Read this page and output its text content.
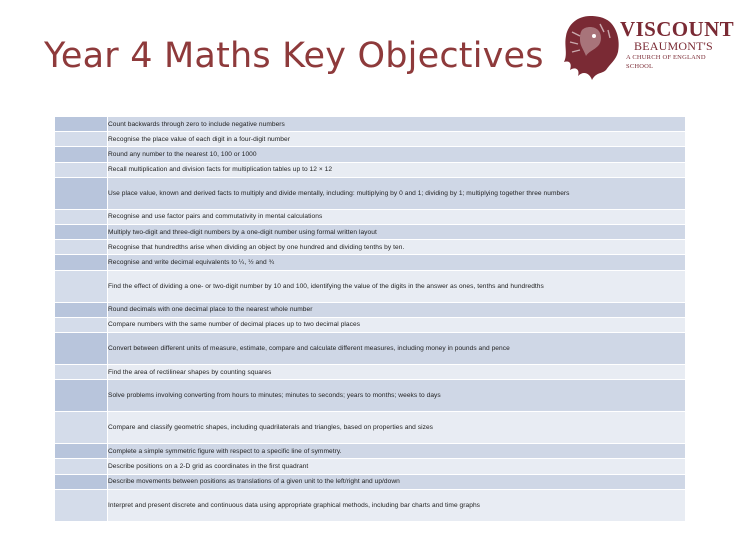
Year 4 Maths Key Objectives
VISCOUNT
BEAUMONT'S
A CHURCH OF ENGLAND SCHOOL
	Count backwards through zero to include negative numbers
	Recognise the place value of each digit in a four-digit number
	Round any number to the nearest 10, 100 or 1000
	Recall multiplication and division facts for multiplication tables up to 12 × 12
	Use place value, known and derived facts to multiply and divide mentally, including: multiplying by 0 and 1; dividing by 1; multiplying together three numbers
	Recognise and use factor pairs and commutativity in mental calculations
	Multiply two-digit and three-digit numbers by a one-digit number using formal written layout
	Recognise that hundredths arise when dividing an object by one hundred and dividing tenths by ten.
	Recognise and write decimal equivalents to ¼, ½ and ¾
	Find the effect of dividing a one- or two-digit number by 10 and 100, identifying the value of the digits in the answer as ones, tenths and hundredths
	Round decimals with one decimal place to the nearest whole number
	Compare numbers with the same number of decimal places up to two decimal places
	Convert between different units of measure, estimate, compare and calculate different measures, including money in pounds and pence
	Find the area of rectilinear shapes by counting squares
	Solve problems involving converting from hours to minutes; minutes to seconds; years to months; weeks to days
	Compare and classify geometric shapes, including quadrilaterals and triangles, based on properties and sizes
	Complete a simple symmetric figure with respect to a specific line of symmetry.
	Describe positions on a 2-D grid as coordinates in the first quadrant
	Describe movements between positions as translations of a given unit to the left/right and up/down
	Interpret and present discrete and continuous data using appropriate graphical methods, including bar charts and time graphs
